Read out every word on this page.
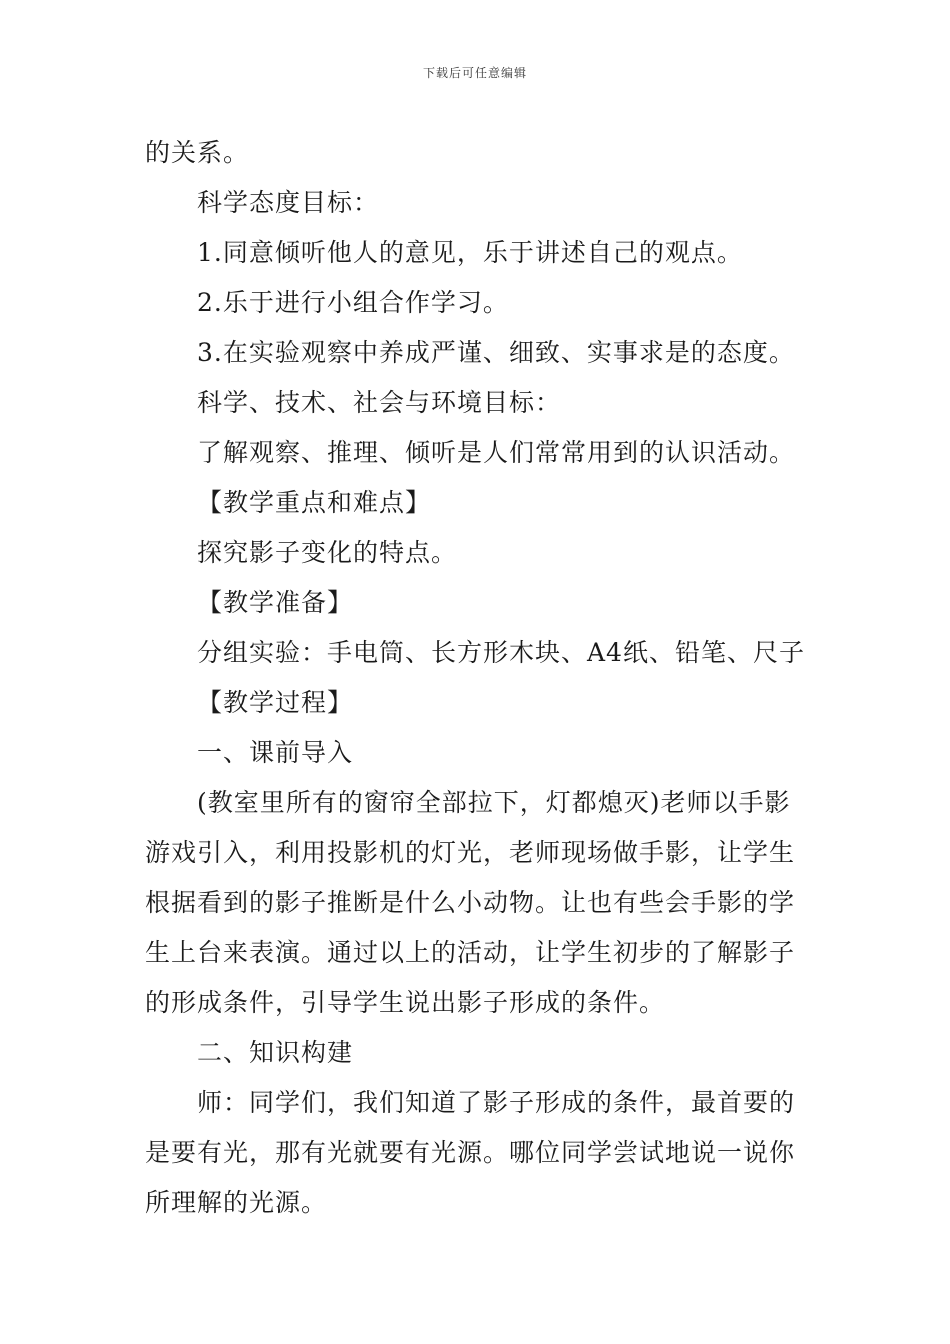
下载后可任意编辑
的关系。
科学态度目标：
1.同意倾听他人的意见，乐于讲述自己的观点。
2.乐于进行小组合作学习。
3.在实验观察中养成严谨、细致、实事求是的态度。
科学、技术、社会与环境目标：
了解观察、推理、倾听是人们常常用到的认识活动。
【教学重点和难点】
探究影子变化的特点。
【教学准备】
分组实验：手电筒、长方形木块、A4纸、铅笔、尺子
【教学过程】
一、课前导入
(教室里所有的窗帘全部拉下，灯都熄灭)老师以手影
游戏引入，利用投影机的灯光，老师现场做手影，让学生
根据看到的影子推断是什么小动物。让也有些会手影的学
生上台来表演。通过以上的活动，让学生初步的了解影子
的形成条件，引导学生说出影子形成的条件。
二、知识构建
师：同学们，我们知道了影子形成的条件，最首要的
是要有光，那有光就要有光源。哪位同学尝试地说一说你
所理解的光源。
